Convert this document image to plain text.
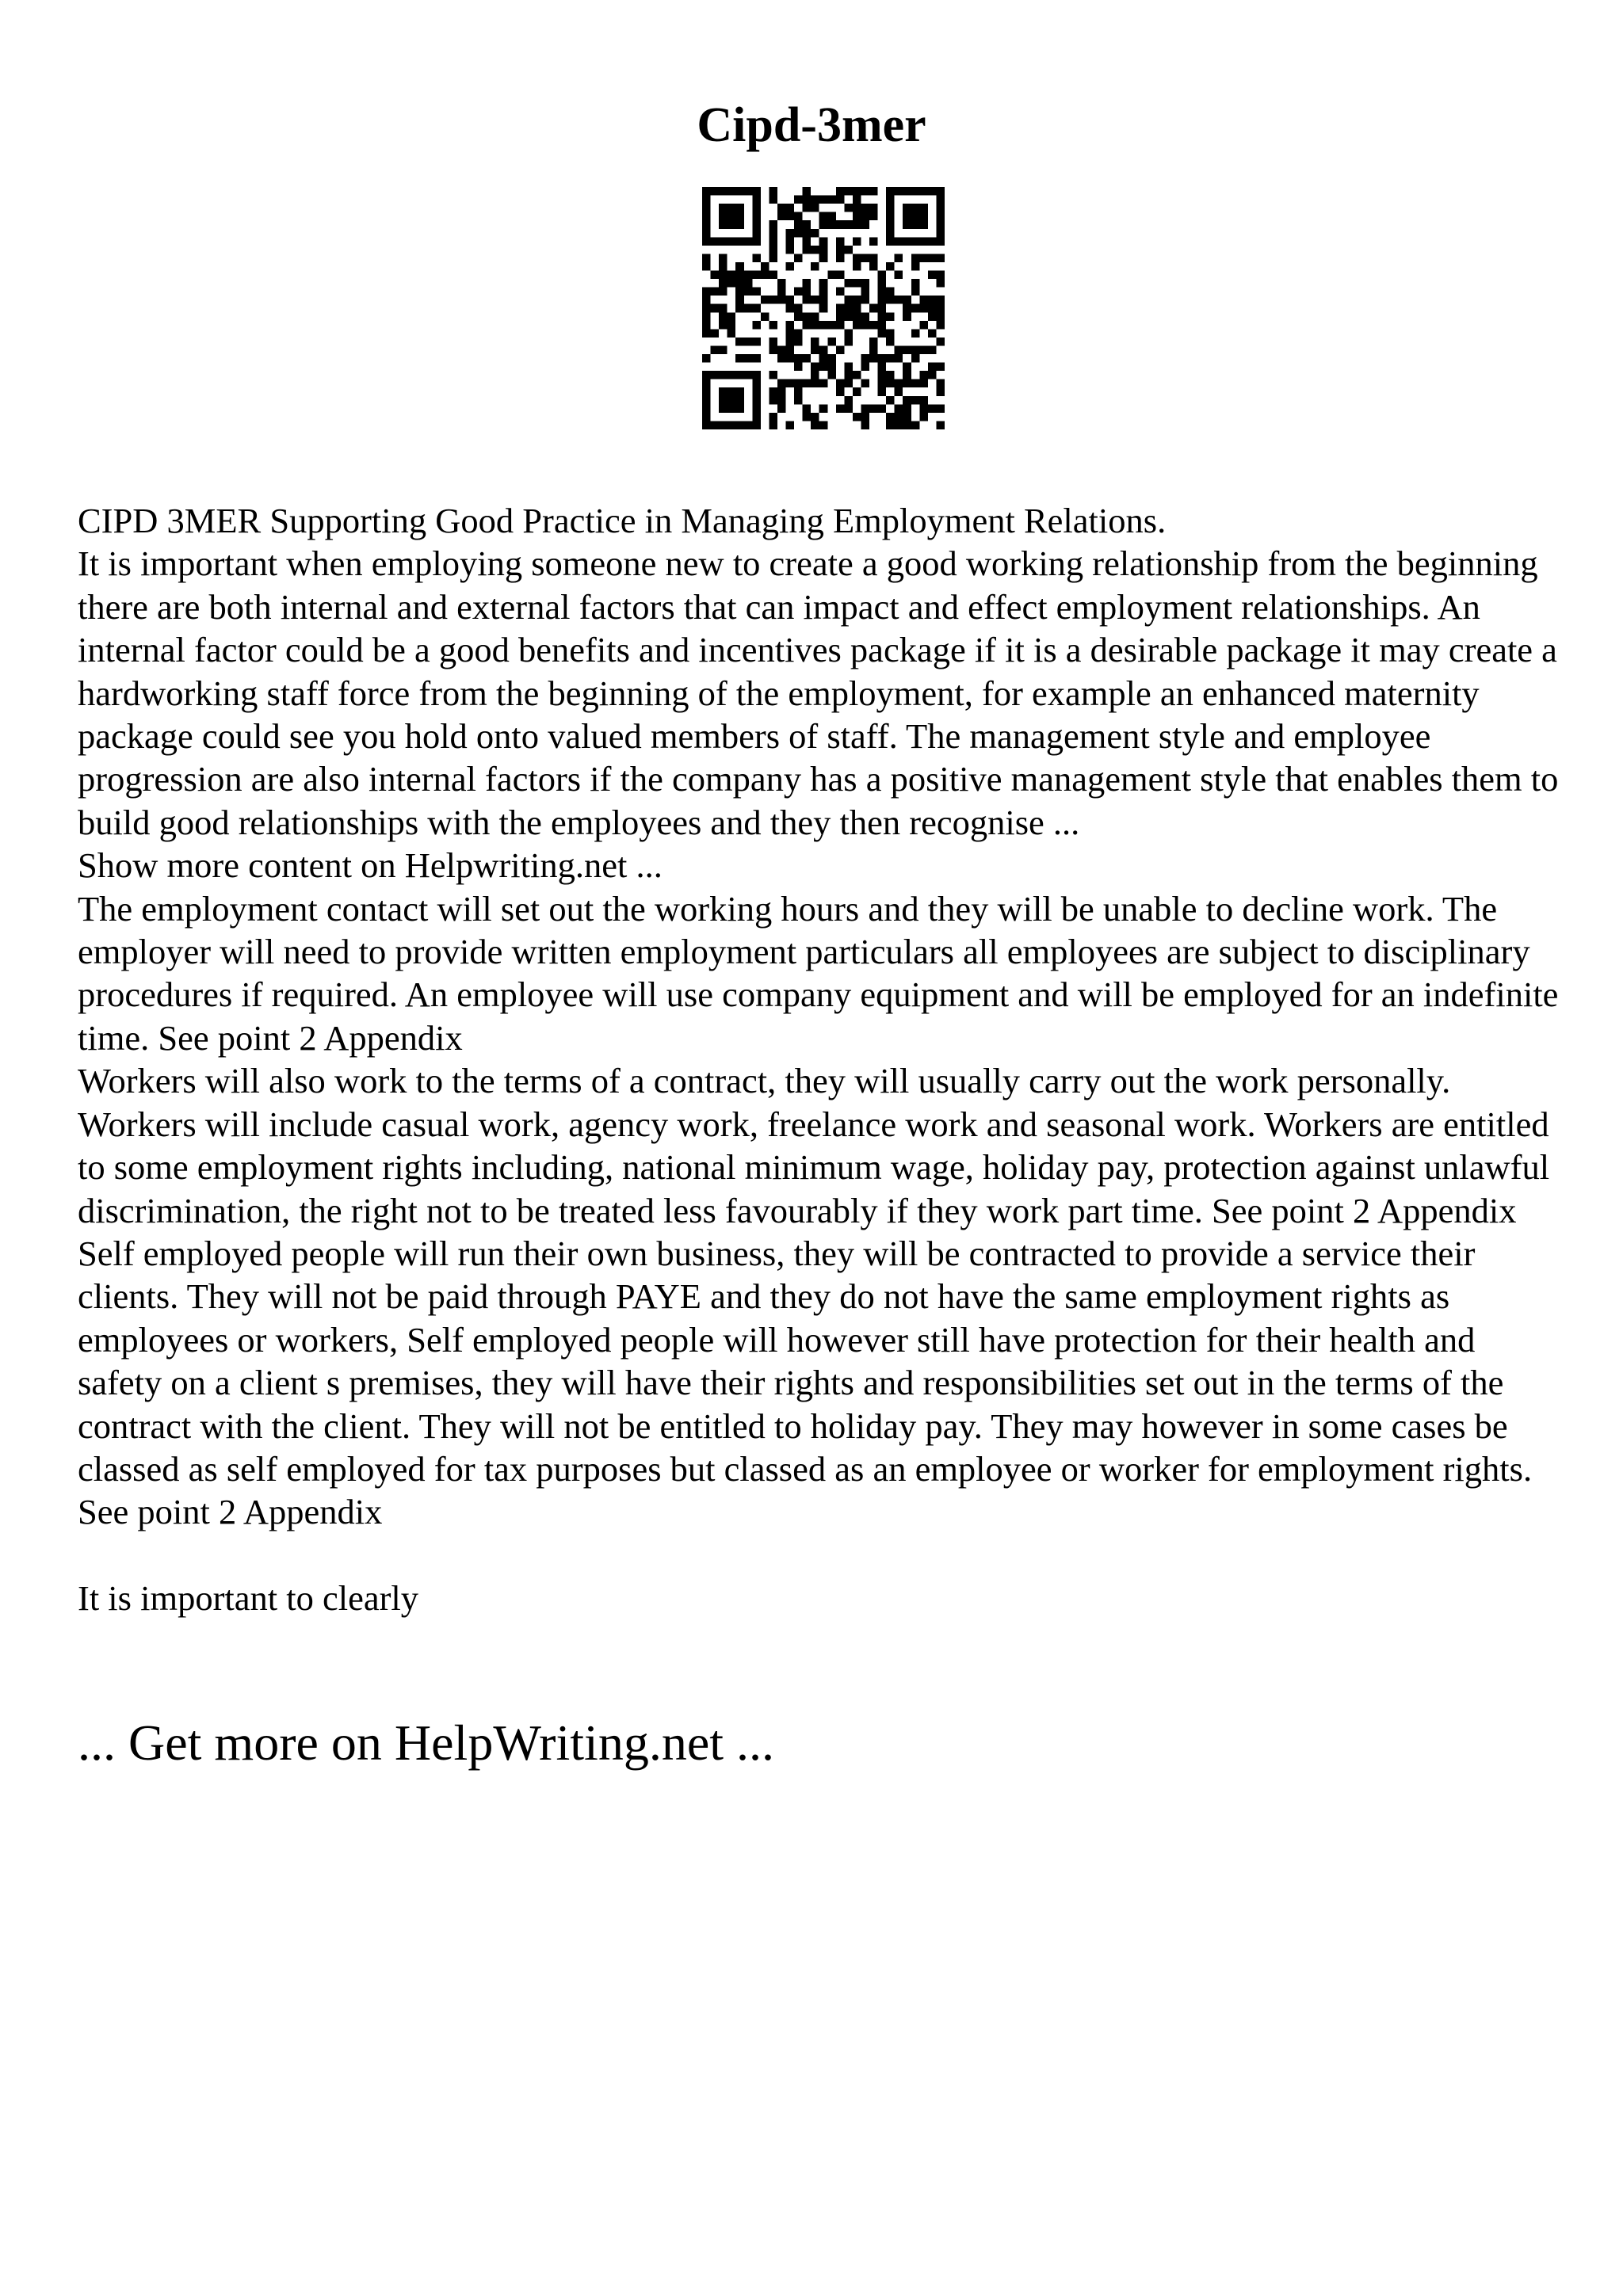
Cipd-3mer

CIPD 3MER Supporting Good Practice in Managing Employment Relations.

It is important when employing someone new to create a good working relationship from the beginning there are both internal and external factors that can impact and effect employment relationships. An internal factor could be a good benefits and incentives package if it is a desirable package it may create a hardworking staff force from the beginning of the employment, for example an enhanced maternity package could see you hold onto valued members of staff. The management style and employee progression are also internal factors if the company has a positive management style that enables them to build good relationships with the employees and they then recognise ...

Show more content on Helpwriting.net ...

The employment contact will set out the working hours and they will be unable to decline work. The employer will need to provide written employment particulars all employees are subject to disciplinary procedures if required. An employee will use company equipment and will be employed for an indefinite time. See point 2 Appendix

Workers will also work to the terms of a contract, they will usually carry out the work personally. Workers will include casual work, agency work, freelance work and seasonal work. Workers are entitled to some employment rights including, national minimum wage, holiday pay, protection against unlawful discrimination, the right not to be treated less favourably if they work part time. See point 2 Appendix

Self employed people will run their own business, they will be contracted to provide a service their clients. They will not be paid through PAYE and they do not have the same employment rights as employees or workers, Self employed people will however still have protection for their health and safety on a client s premises, they will have their rights and responsibilities set out in the terms of the contract with the client. They will not be entitled to holiday pay. They may however in some cases be classed as self employed for tax purposes but classed as an employee or worker for employment rights. See point 2 Appendix

It is important to clearly

... Get more on HelpWriting.net ...
